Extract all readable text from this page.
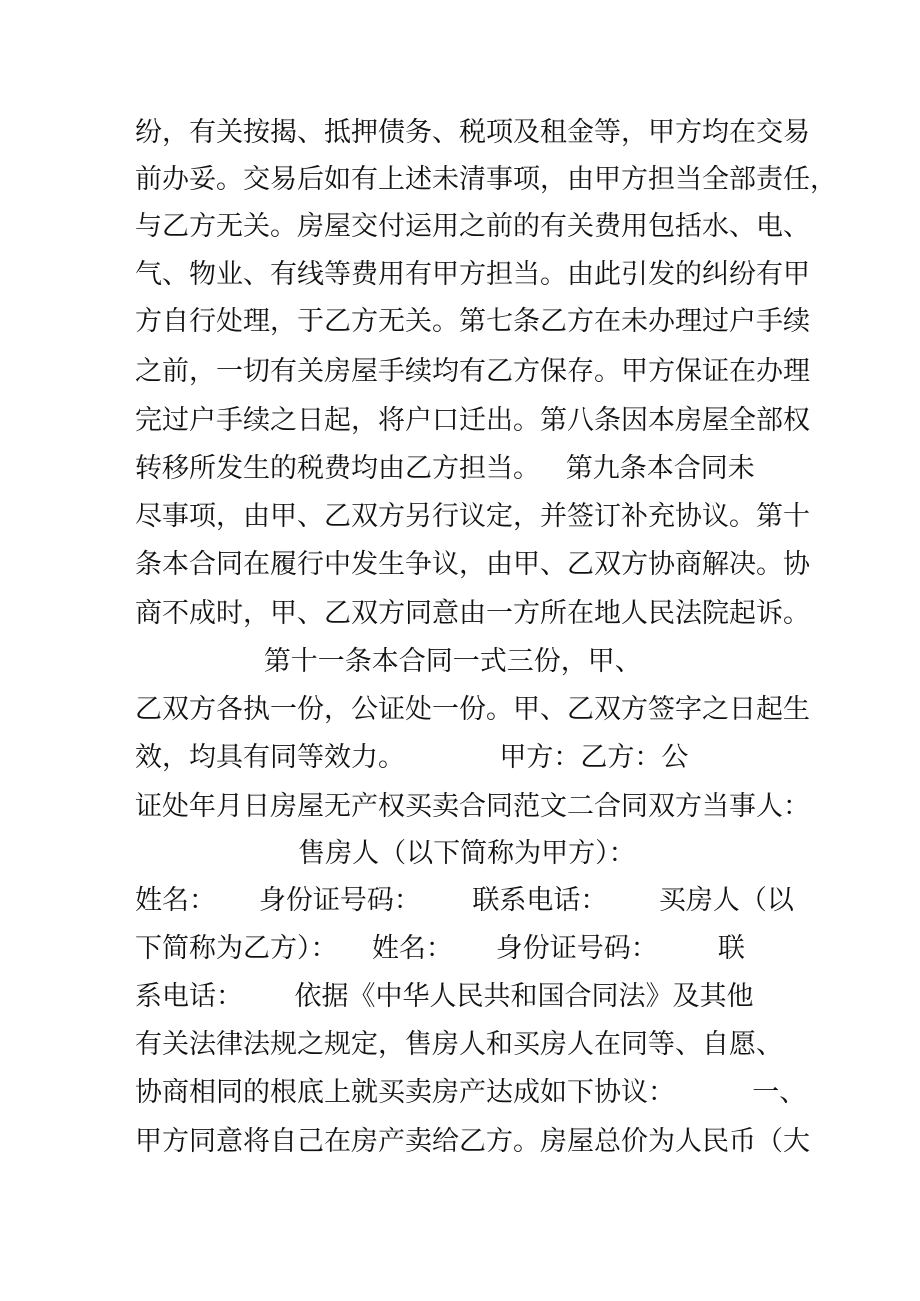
纷，有关按揭、抵押债务、税项及租金等，甲方均在交易
前办妥。交易后如有上述未清事项，由甲方担当全部责任，
与乙方无关。房屋交付运用之前的有关费用包括水、电、
气、物业、有线等费用有甲方担当。由此引发的纠纷有甲
方自行处理，于乙方无关。第七条乙方在未办理过户手续
之前，一切有关房屋手续均有乙方保存。甲方保证在办理
完过户手续之日起，将户口迁出。第八条因本房屋全部权
转移所发生的税费均由乙方担当。   第九条本合同未
尽事项，由甲、乙双方另行议定，并签订补充协议。第十
条本合同在履行中发生争议，由甲、乙双方协商解决。协
商不成时，甲、乙双方同意由一方所在地人民法院起诉。
第十一条本合同一式三份，甲、
乙双方各执一份，公证处一份。甲、乙双方签字之日起生
效，均具有同等效力。           甲方：乙方：公
证处年月日房屋无产权买卖合同范文二合同双方当事人：
售房人（以下简称为甲方）：
姓名：     身份证号码：      联系电话：      买房人（以
下简称为乙方）：    姓名：     身份证号码：       联
系电话：      依据《中华人民共和国合同法》及其他
有关法律法规之规定，售房人和买房人在同等、自愿、
协商相同的根底上就买卖房产达成如下协议：         一、
甲方同意将自己在房产卖给乙方。房屋总价为人民币（大
